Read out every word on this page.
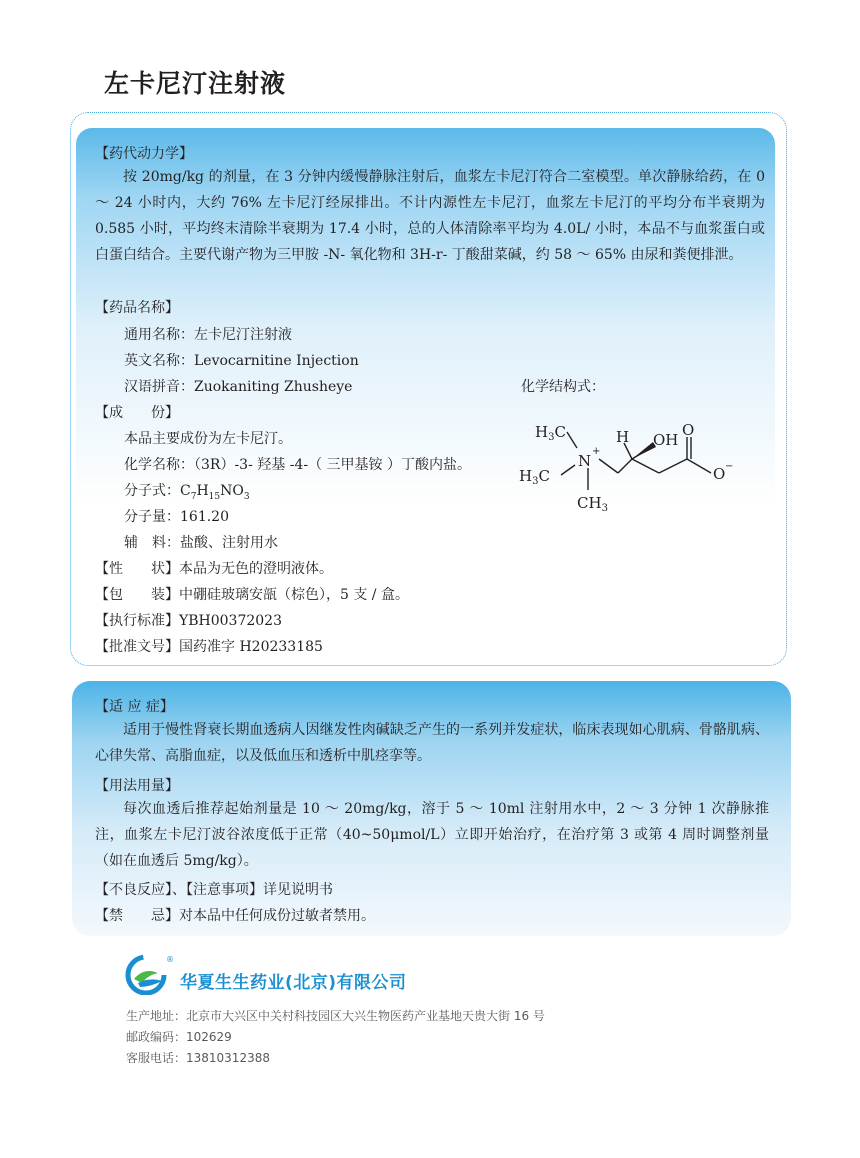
左卡尼汀注射液
【药代动力学】
按 20mg/kg 的剂量，在 3 分钟内缓慢静脉注射后，血浆左卡尼汀符合二室模型。单次静脉给药，在 0 ～ 24 小时内，大约 76% 左卡尼汀经尿排出。不计内源性左卡尼汀，血浆左卡尼汀的平均分布半衰期为 0.585 小时，平均终末清除半衰期为 17.4 小时，总的人体清除率平均为 4.0L/ 小时，本品不与血浆蛋白或白蛋白结合。主要代谢产物为三甲胺 -N- 氧化物和 3H-r- 丁酸甜菜碱，约 58 ～ 65% 由尿和粪便排泄。
【药品名称】
通用名称：左卡尼汀注射液
英文名称：Levocarnitine Injection
汉语拼音：Zuokaniting Zhusheye
【成　　份】
本品主要成份为左卡尼汀。
化学名称：（3R）-3- 羟基 -4-（ 三甲基铵 ）丁酸内盐。
分子式：$C_7H_{15}NO_3$
分子量：161.20
辅　料：盐酸、注射用水
化学结构式：
$H_3C$
$H_3C$
N
+
$CH_3$
H OH
O
O −
【性　　状】本品为无色的澄明液体。
【包　　装】中硼硅玻璃安瓿（棕色），5 支 / 盒。
【执行标准】YBH00372023
【批准文号】国药准字 H20233185
【适 应 症】
适用于慢性肾衰长期血透病人因继发性肉碱缺乏产生的一系列并发症状，临床表现如心肌病、骨骼肌病、心律失常、高脂血症，以及低血压和透析中肌痉挛等。
【用法用量】
每次血透后推荐起始剂量是 10 ～ 20mg/kg，溶于 5 ～ 10ml 注射用水中，2 ～ 3 分钟 1 次静脉推注，血浆左卡尼汀波谷浓度低于正常（40~50μmol/L）立即开始治疗，在治疗第 3 或第 4 周时调整剂量（如在血透后 5mg/kg）。
【不良反应】、【注意事项】详见说明书
【禁　　忌】对本品中任何成份过敏者禁用。
®
华夏生生药业(北京)有限公司
生产地址：北京市大兴区中关村科技园区大兴生物医药产业基地天贵大街 16 号
邮政编码：102629
客服电话：13810312388
